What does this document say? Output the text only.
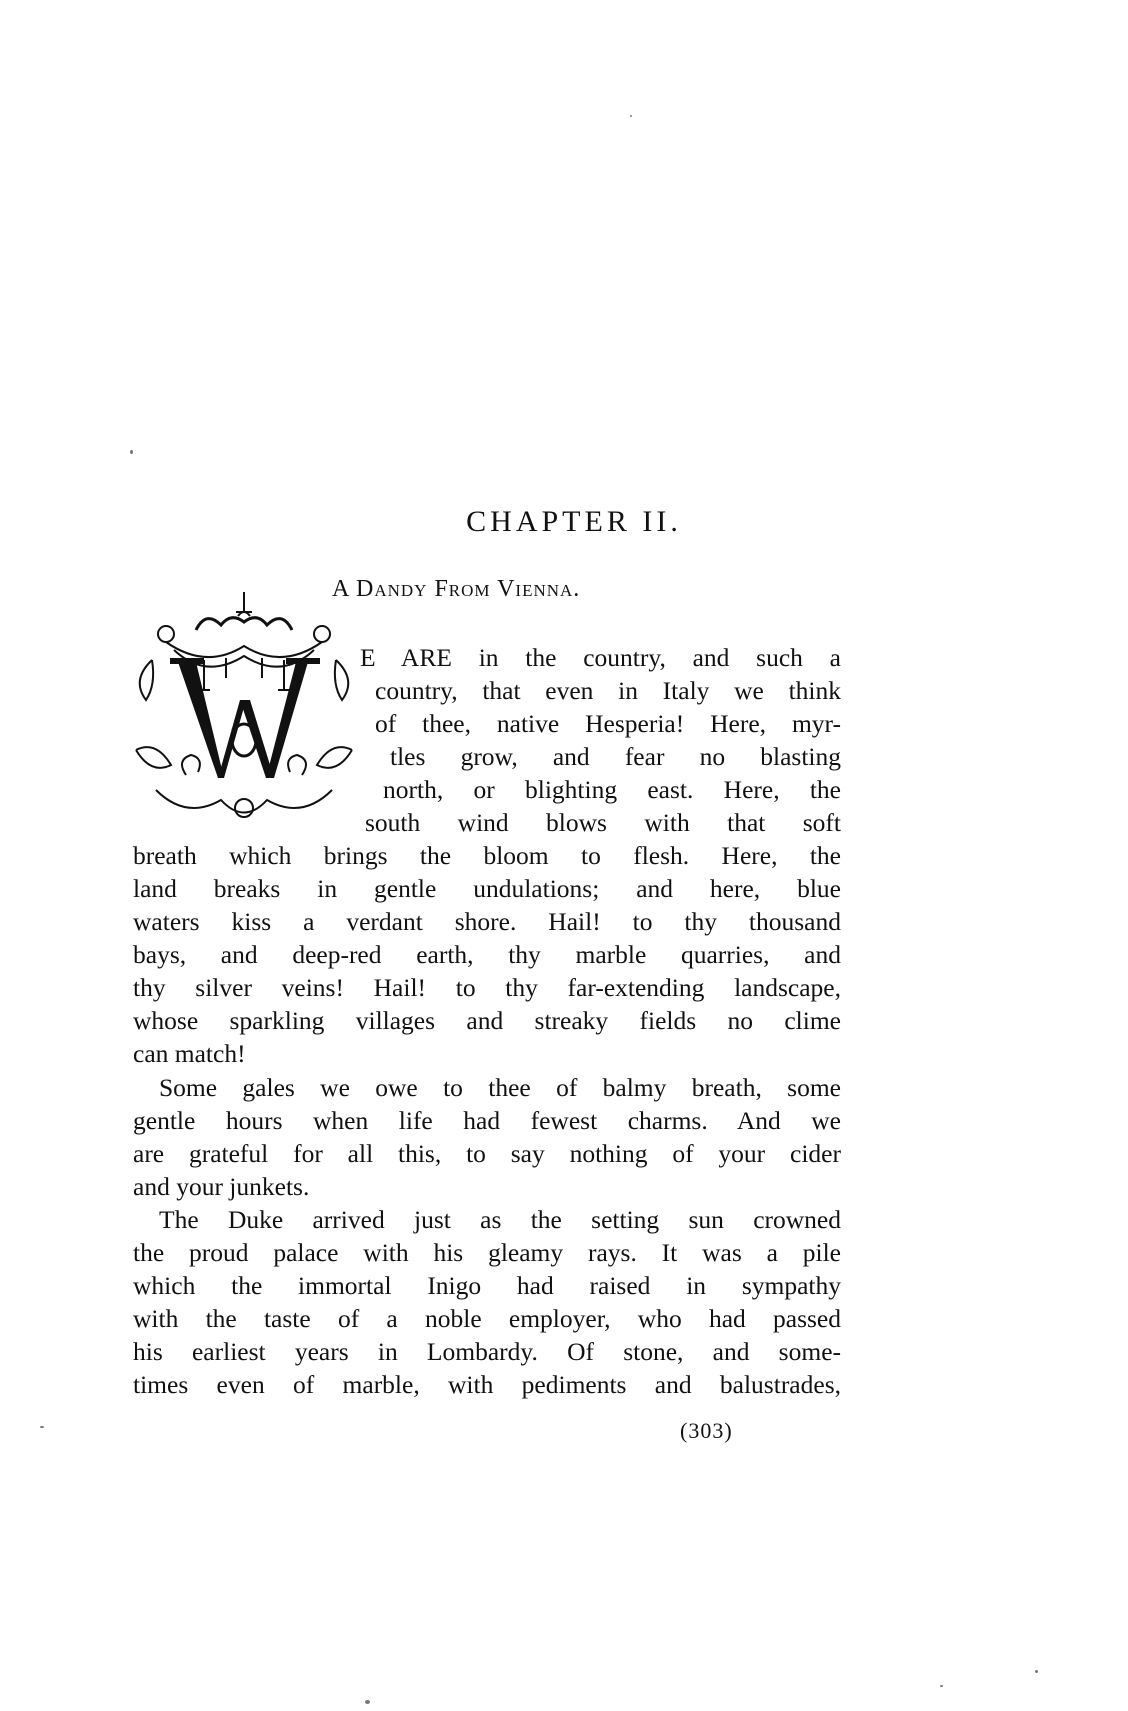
CHAPTER II.
A Dandy From Vienna.
E ARE in the country, and such a
country, that even in Italy we think
of thee, native Hesperia! Here, myr-
tles grow, and fear no blasting
north, or blighting east. Here, the
south wind blows with that soft
breath which brings the bloom to flesh. Here, the
land breaks in gentle undulations; and here, blue
waters kiss a verdant shore. Hail! to thy thousand
bays, and deep-red earth, thy marble quarries, and
thy silver veins! Hail! to thy far-extending landscape,
whose sparkling villages and streaky fields no clime
can match!
Some gales we owe to thee of balmy breath, some
gentle hours when life had fewest charms. And we
are grateful for all this, to say nothing of your cider
and your junkets.
The Duke arrived just as the setting sun crowned
the proud palace with his gleamy rays. It was a pile
which the immortal Inigo had raised in sympathy
with the taste of a noble employer, who had passed
his earliest years in Lombardy. Of stone, and some-
times even of marble, with pediments and balustrades,
(303)
